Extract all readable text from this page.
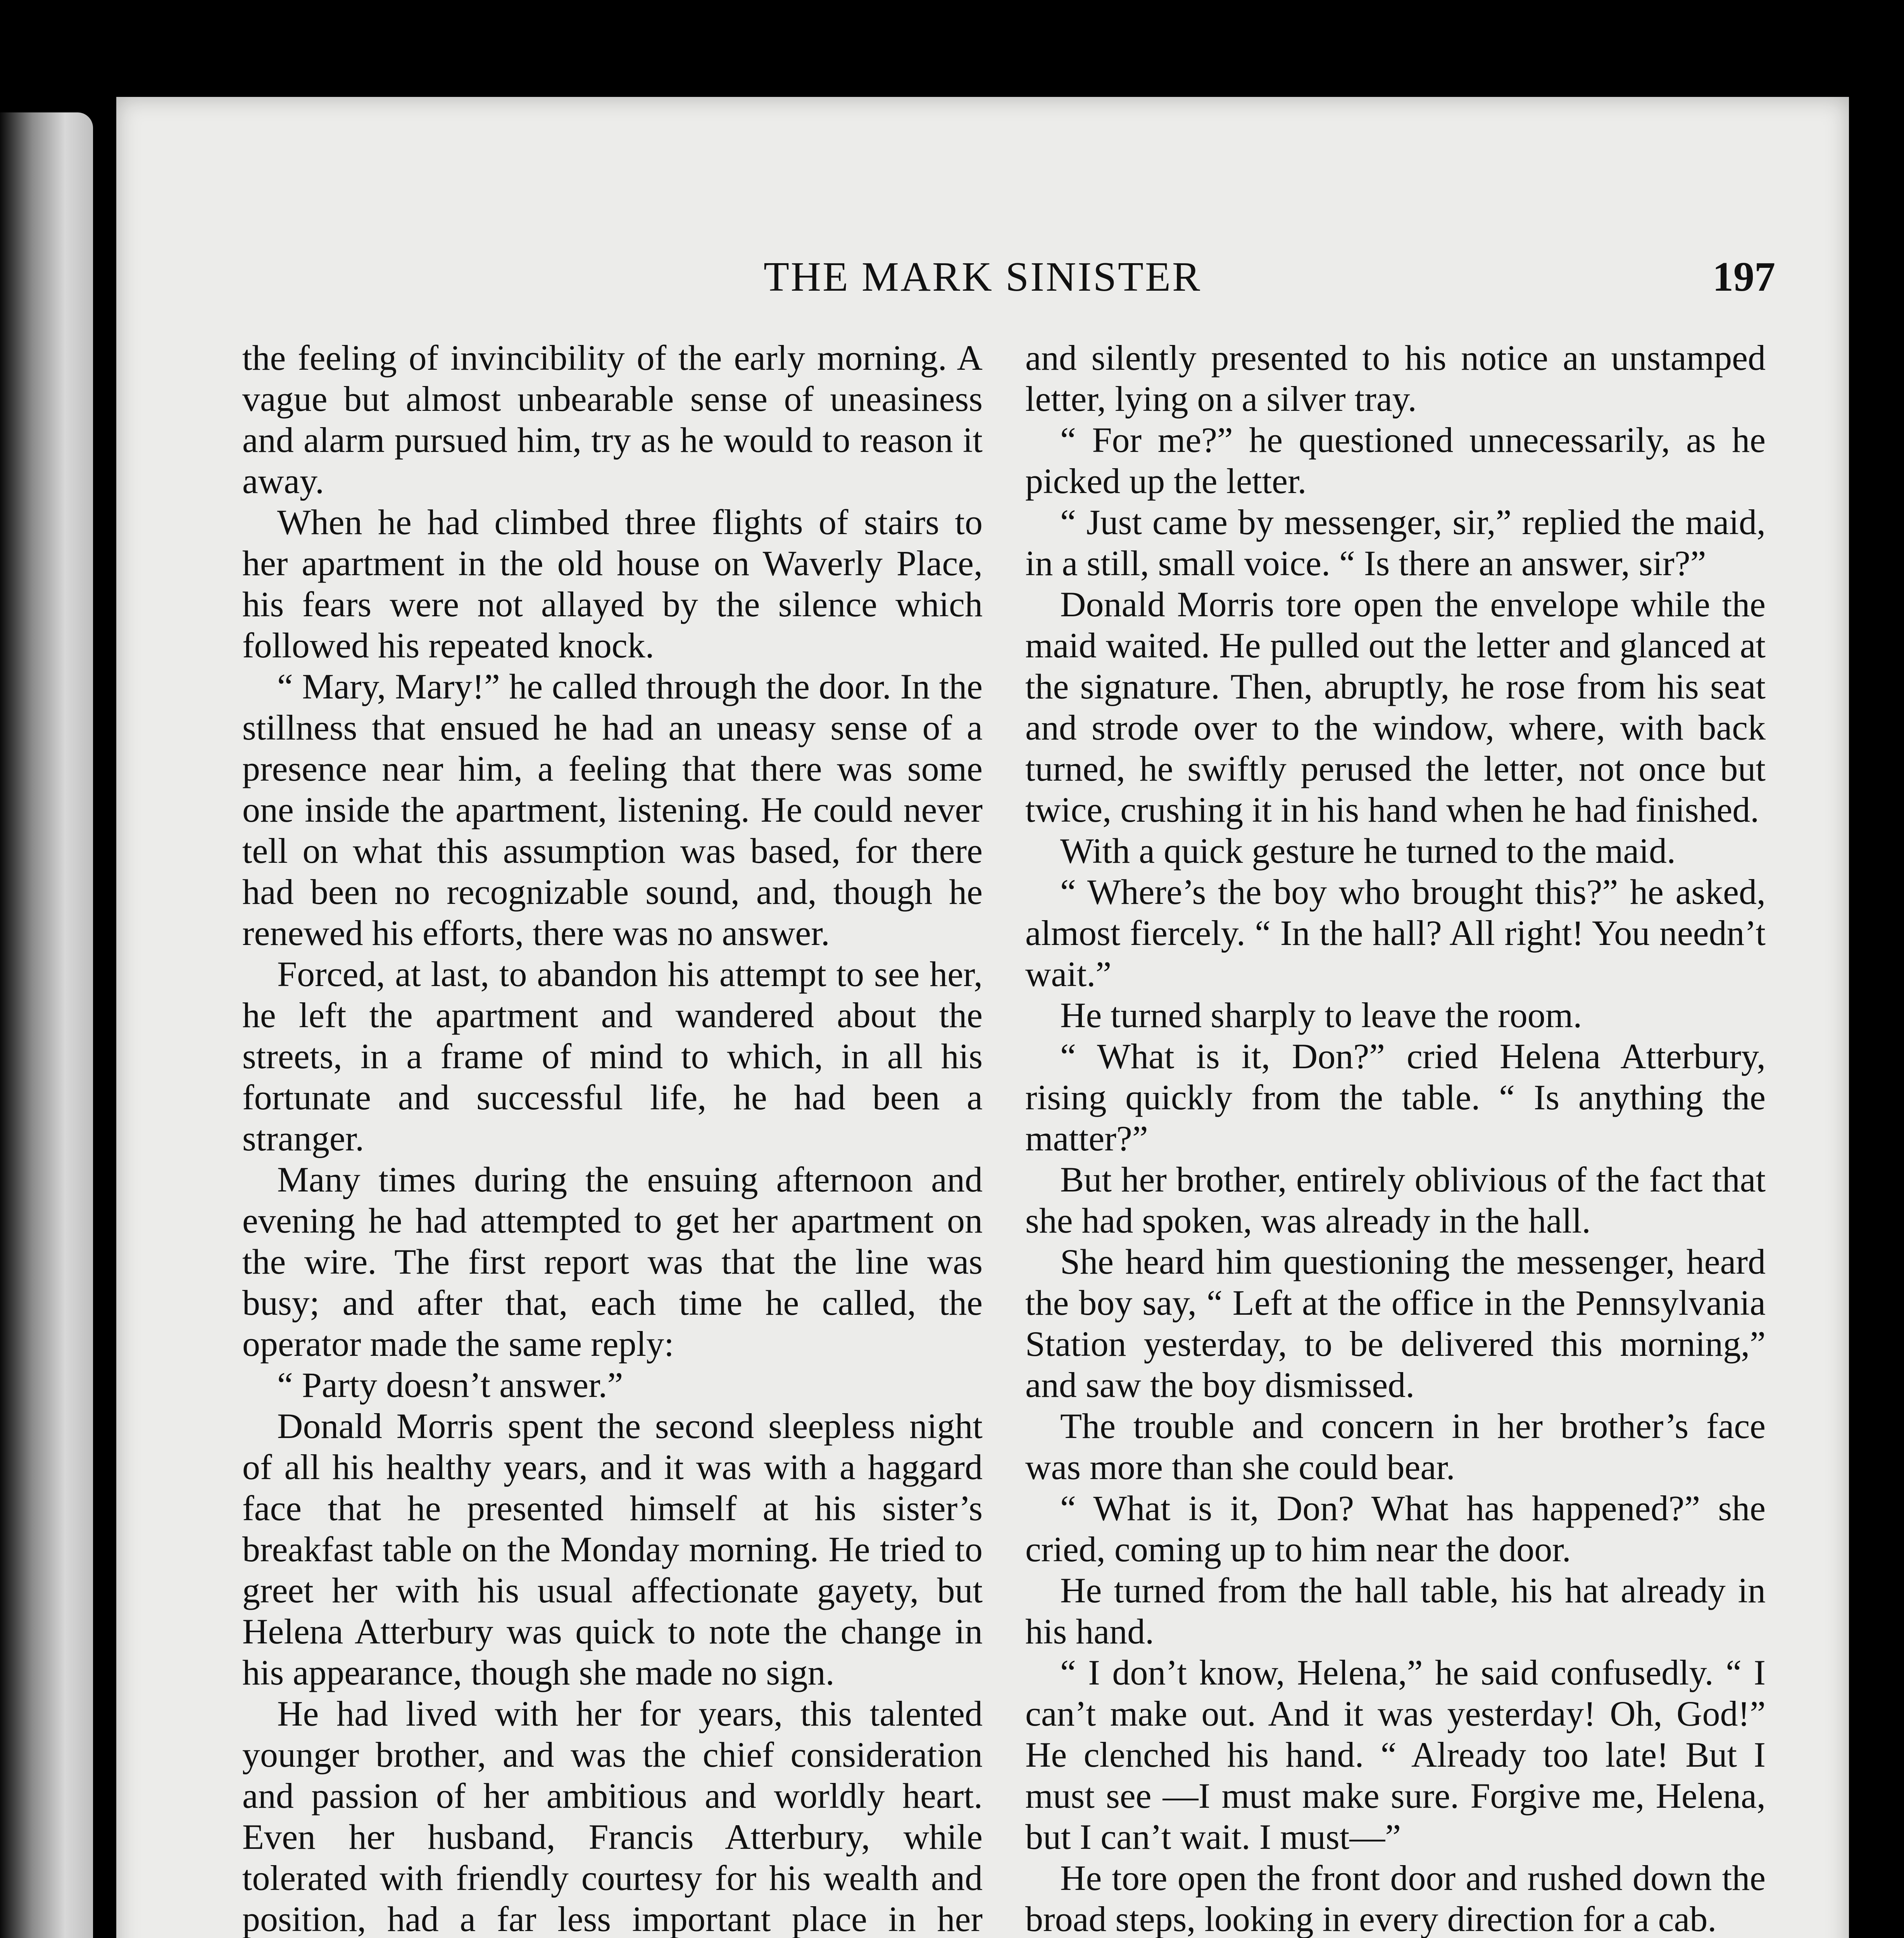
THE MARK SINISTER	197

the feeling of invincibility of the early morning. A vague but almost unbearable sense of uneasiness and alarm pursued him, try as he would to reason it away.

When he had climbed three flights of stairs to her apartment in the old house on Waverly Place, his fears were not allayed by the silence which followed his repeated knock.

“ Mary, Mary!” he called through the door. In the stillness that ensued he had an uneasy sense of a presence near him, a feeling that there was some one inside the apartment, listening. He could never tell on what this assumption was based, for there had been no recognizable sound, and, though he renewed his efforts, there was no answer.

Forced, at last, to abandon his attempt to see her, he left the apartment and wandered about the streets, in a frame of mind to which, in all his fortunate and successful life, he had been a stranger.

Many times during the ensuing afternoon and evening he had attempted to get her apartment on the wire. The first report was that the line was busy; and after that, each time he called, the operator made the same reply:

“ Party doesn’t answer.”

Donald Morris spent the second sleepless night of all his healthy years, and it was with a haggard face that he presented himself at his sister’s breakfast table on the Monday morning. He tried to greet her with his usual affectionate gayety, but Helena Atterbury was quick to note the change in his appearance, though she made no sign.

He had lived with her for years, this talented younger brother, and was the chief consideration and passion of her ambitious and worldly heart. Even her husband, Francis Atterbury, while tolerated with friendly courtesy for his wealth and position, had a far less important place in her

and silently presented to his notice an unstamped letter, lying on a silver tray.

“ For me?” he questioned unnecessarily, as he picked up the letter.

“ Just came by messenger, sir,” replied the maid, in a still, small voice. “ Is there an answer, sir?”

Donald Morris tore open the envelope while the maid waited. He pulled out the letter and glanced at the signature. Then, abruptly, he rose from his seat and strode over to the window, where, with back turned, he swiftly perused the letter, not once but twice, crushing it in his hand when he had finished.

With a quick gesture he turned to the maid.

“ Where’s the boy who brought this?” he asked, almost fiercely. “ In the hall? All right! You needn’t wait.”

He turned sharply to leave the room.

“ What is it, Don?” cried Helena Atterbury, rising quickly from the table. “ Is anything the matter?”

But her brother, entirely oblivious of the fact that she had spoken, was already in the hall.

She heard him questioning the messenger, heard the boy say, “ Left at the office in the Pennsylvania Station yesterday, to be delivered this morning,” and saw the boy dismissed.

The trouble and concern in her brother’s face was more than she could bear.

“ What is it, Don? What has happened?” she cried, coming up to him near the door.

He turned from the hall table, his hat already in his hand.

“ I don’t know, Helena,” he said confusedly. “ I can’t make out. And it was yesterday! Oh, God!” He clenched his hand. “ Already too late! But I must see —I must make sure. Forgive me, Helena, but I can’t wait. I must—”

He tore open the front door and rushed down the broad steps, looking in every direction for a cab.
